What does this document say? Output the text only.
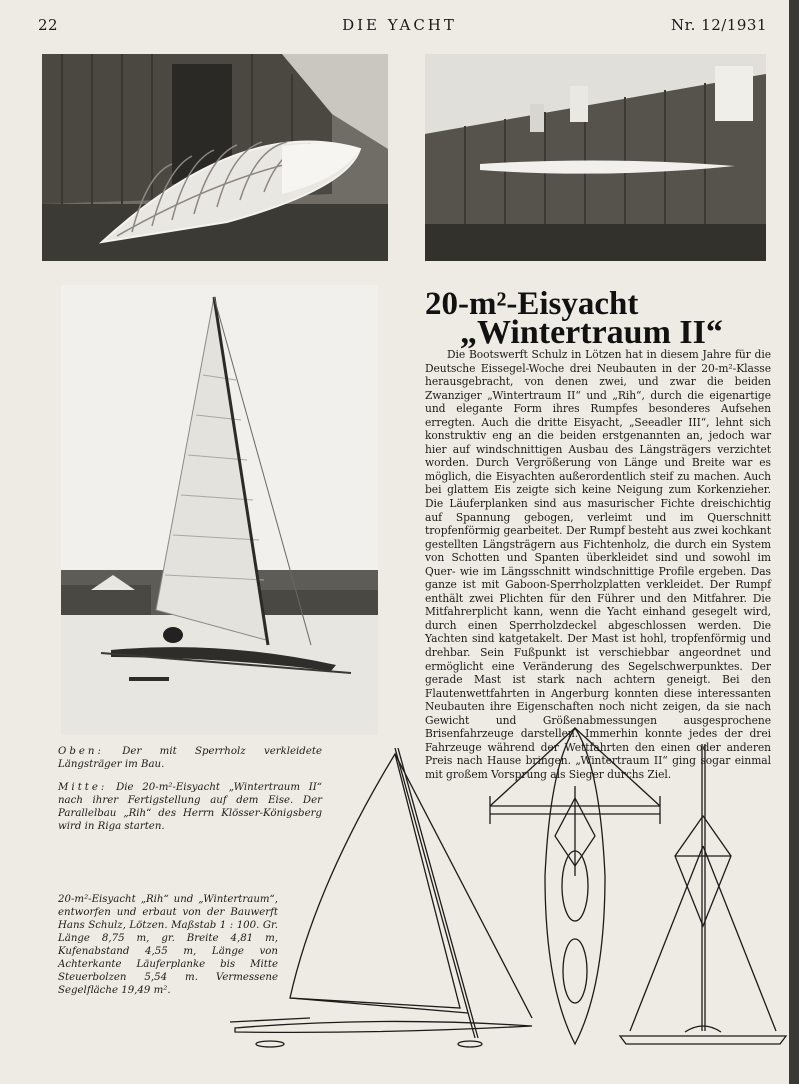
22	DIE YACHT	Nr. 12/1931
20-m²-Eisyacht
„Wintertraum II“

Die Bootswerft Schulz in Lötzen hat in diesem Jahre für die Deutsche Eissegel-Woche drei Neubauten in der 20-m²-Klasse herausgebracht, von denen zwei, und zwar die beiden Zwanziger „Wintertraum II“ und „Rih“, durch die eigenartige und elegante Form ihres Rumpfes besonderes Aufsehen erregten. Auch die dritte Eisyacht, „Seeadler III“, lehnt sich konstruktiv eng an die beiden erstgenannten an, jedoch war hier auf windschnittigen Ausbau des Längsträgers verzichtet worden. Durch Vergrößerung von Länge und Breite war es möglich, die Eisyachten außerordentlich steif zu machen. Auch bei glattem Eis zeigte sich keine Neigung zum Korkenzieher. Die Läuferplanken sind aus masurischer Fichte dreischichtig auf Spannung gebogen, verleimt und im Querschnitt tropfenförmig gearbeitet. Der Rumpf besteht aus zwei kochkant gestellten Längsträgern aus Fichtenholz, die durch ein System von Schotten und Spanten überkleidet sind und sowohl im Quer- wie im Längsschnitt windschnittige Profile ergeben. Das ganze ist mit Gaboon-Sperrholzplatten verkleidet. Der Rumpf enthält zwei Plichten für den Führer und den Mitfahrer. Die Mitfahrerplicht kann, wenn die Yacht einhand gesegelt wird, durch einen Sperrholzdeckel abgeschlossen werden. Die Yachten sind katgetakelt. Der Mast ist hohl, tropfenförmig und drehbar. Sein Fußpunkt ist verschiebbar angeordnet und ermöglicht eine Veränderung des Segelschwerpunktes. Der gerade Mast ist stark nach achtern geneigt. Bei den Flautenwettfahrten in Angerburg konnten diese interessanten Neubauten ihre Eigenschaften noch nicht zeigen, da sie nach Gewicht und Größenabmessungen ausgesprochene Brisenfahrzeuge darstellen. Immerhin konnte jedes der drei Fahrzeuge während der Wettfahrten den einen oder anderen Preis nach Hause bringen. „Wintertraum II“ ging sogar einmal mit großem Vorsprung als Sieger durchs Ziel.

Oben: Der mit Sperrholz verkleidete Längsträger im Bau.

Mitte: Die 20-m²-Eisyacht „Wintertraum II“ nach ihrer Fertigstellung auf dem Eise. Der Parallelbau „Rih“ des Herrn Klösser-Königsberg wird in Riga starten.

20-m²-Eisyacht „Rih“ und „Wintertraum“, entworfen und erbaut von der Bauwerft Hans Schulz, Lötzen. Maßstab 1 : 100. Gr. Länge 8,75 m, gr. Breite 4,81 m, Kufenabstand 4,55 m, Länge von Achterkante Läuferplanke bis Mitte Steuerbolzen 5,54 m. Vermessene Segelfläche 19,49 m².
